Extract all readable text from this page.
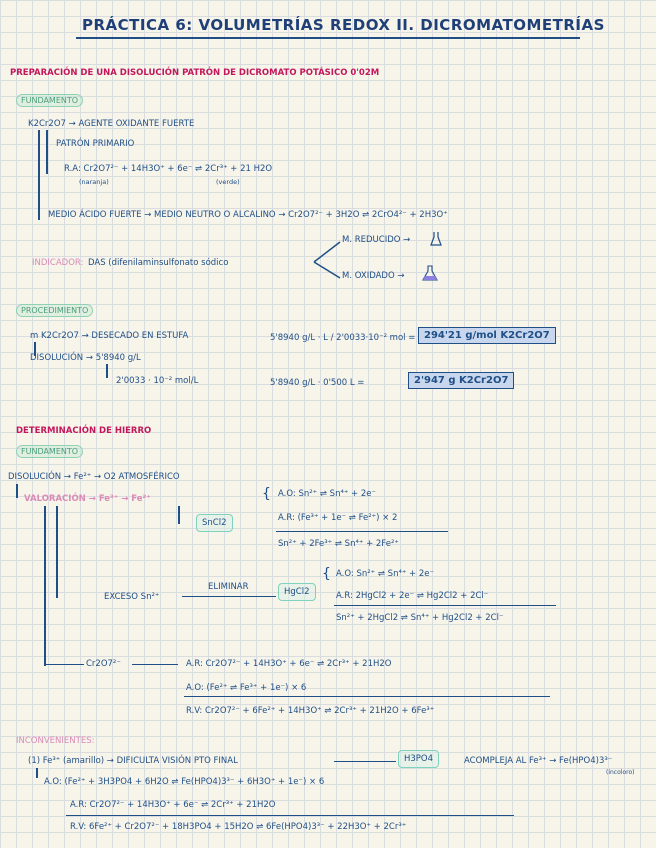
PRÁCTICA 6: VOLUMETRÍAS REDOX II. DICROMATOMETRÍAS
PREPARACIÓN DE UNA DISOLUCIÓN PATRÓN DE DICROMATO POTÁSICO 0'02M
FUNDAMENTO
K2Cr2O7 → AGENTE OXIDANTE FUERTE
PATRÓN PRIMARIO
R.A: Cr2O7²⁻ + 14H3O⁺ + 6e⁻ ⇌ 2Cr³⁺ + 21 H2O
(naranja)	(verde)
MEDIO ÁCIDO FUERTE → MEDIO NEUTRO O ALCALINO → Cr2O7²⁻ + 3H2O ⇌ 2CrO4²⁻ + 2H3O⁺
INDICADOR: DAS (difenilaminsulfonato sódico
M. REDUCIDO →
M. OXIDADO →
PROCEDIMIENTO
m K2Cr2O7 → DESECADO EN ESTUFA
DISOLUCIÓN → 5'8940 g/L
2'0033 · 10⁻² mol/L
5'8940 g/L · L / 2'0033·10⁻² mol = 294'21 g/mol K2Cr2O7
5'8940 g/L · 0'500 L =	2'947 g K2Cr2O7
DETERMINACIÓN DE HIERRO
FUNDAMENTO
DISOLUCIÓN → Fe²⁺ → O2 ATMOSFÉRICO
VALORACIÓN → Fe³⁺ → Fe²⁺
SnCl2
{ A.O: Sn²⁺ ⇌ Sn⁴⁺ + 2e⁻
A.R: (Fe³⁺ + 1e⁻ ⇌ Fe²⁺) × 2
Sn²⁺ + 2Fe³⁺ ⇌ Sn⁴⁺ + 2Fe²⁺
EXCESO Sn²⁺
ELIMINAR	HgCl2
{ A.O: Sn²⁺ ⇌ Sn⁴⁺ + 2e⁻
A.R: 2HgCl2 + 2e⁻ ⇌ Hg2Cl2 + 2Cl⁻
Sn²⁺ + 2HgCl2 ⇌ Sn⁴⁺ + Hg2Cl2 + 2Cl⁻
Cr2O7²⁻	A.R: Cr2O7²⁻ + 14H3O⁺ + 6e⁻ ⇌ 2Cr³⁺ + 21H2O
A.O: (Fe²⁺ ⇌ Fe³⁺ + 1e⁻) × 6
R.V: Cr2O7²⁻ + 6Fe²⁺ + 14H3O⁺ ⇌ 2Cr³⁺ + 21H2O + 6Fe³⁺
INCONVENIENTES:
(1) Fe³⁺ (amarillo) → DIFICULTA VISIÓN PTO FINAL	H3PO4	ACOMPLEJA AL Fe³⁺ → Fe(HPO4)3³⁻
(incoloro)
A.O: (Fe²⁺ + 3H3PO4 + 6H2O ⇌ Fe(HPO4)3³⁻ + 6H3O⁺ + 1e⁻) × 6
A.R: Cr2O7²⁻ + 14H3O⁺ + 6e⁻ ⇌ 2Cr³⁺ + 21H2O
R.V: 6Fe²⁺ + Cr2O7²⁻ + 18H3PO4 + 15H2O ⇌ 6Fe(HPO4)3³⁻ + 22H3O⁺ + 2Cr³⁺
